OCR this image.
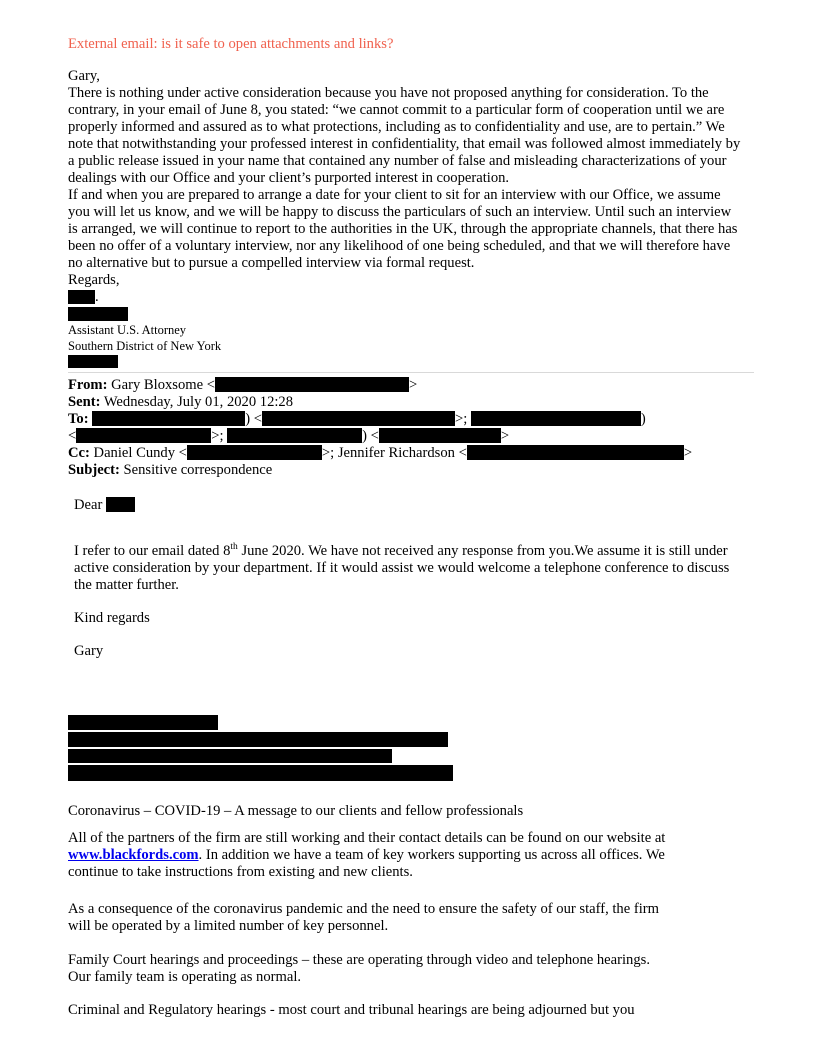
External email: is it safe to open attachments and links?
Gary,
There is nothing under active consideration because you have not proposed anything for consideration. To the
contrary, in your email of June 8, you stated: “we cannot commit to a particular form of cooperation until we are
properly informed and assured as to what protections, including as to confidentiality and use, are to pertain.” We
note that notwithstanding your professed interest in confidentiality, that email was followed almost immediately by
a public release issued in your name that contained any number of false and misleading characterizations of your
dealings with our Office and your client’s purported interest in cooperation.
If and when you are prepared to arrange a date for your client to sit for an interview with our Office, we assume
you will let us know, and we will be happy to discuss the particulars of such an interview. Until such an interview
is arranged, we will continue to report to the authorities in the UK, through the appropriate channels, that there has
been no offer of a voluntary interview, nor any likelihood of one being scheduled, and that we will therefore have
no alternative but to pursue a compelled interview via formal request.
Regards,
.
Assistant U.S. Attorney
Southern District of New York
From: Gary Bloxsome <	>
Sent: Wednesday, July 01, 2020 12:28
To:	) <	>;	)
<	>;	) <	>
Cc: Daniel Cundy <	>; Jennifer Richardson <	>
Subject: Sensitive correspondence
Dear
I refer to our email dated 8th June 2020. We have not received any response from you.We assume it is still under
active consideration by your department. If it would assist we would welcome a telephone conference to discuss
the matter further.
Kind regards
Gary
Coronavirus – COVID-19 – A message to our clients and fellow professionals
All of the partners of the firm are still working and their contact details can be found on our website at
www.blackfords.com. In addition we have a team of key workers supporting us across all offices. We
continue to take instructions from existing and new clients.
As a consequence of the coronavirus pandemic and the need to ensure the safety of our staff, the firm
will be operated by a limited number of key personnel.
Family Court hearings and proceedings – these are operating through video and telephone hearings.
Our family team is operating as normal.
Criminal and Regulatory hearings - most court and tribunal hearings are being adjourned but you
